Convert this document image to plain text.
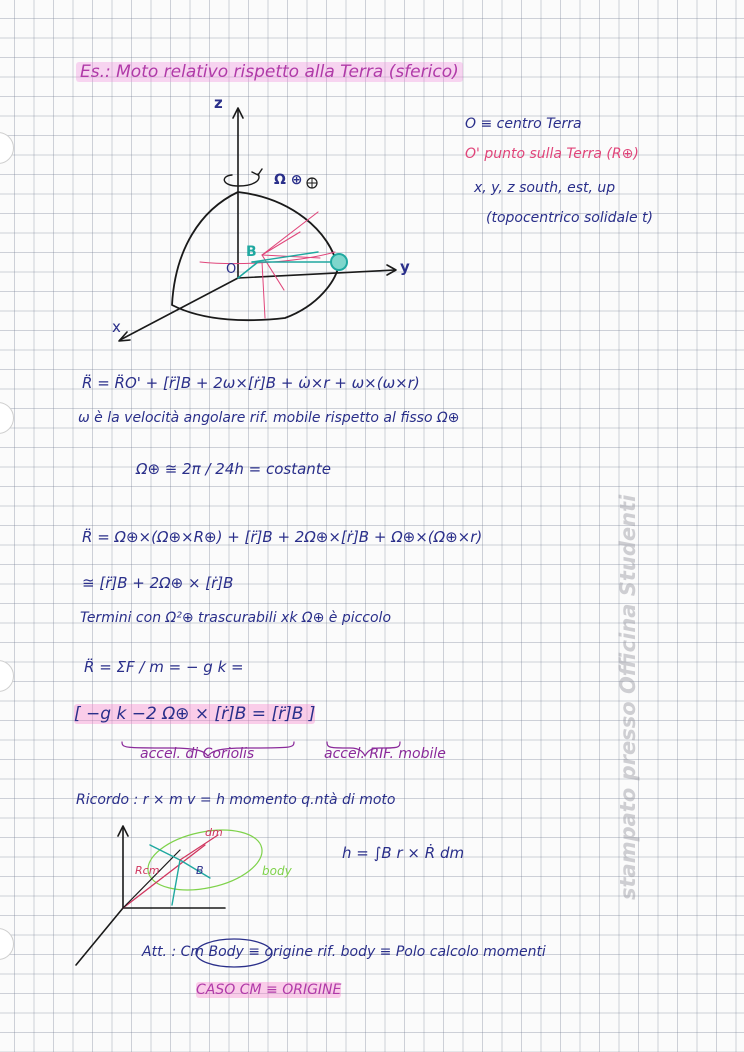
Es.: Moto relativo rispetto alla Terra (sferico)
z
y
x
O
B
Ω ⊕
O ≡ centro Terra
O' punto sulla Terra (R⊕)
x, y, z south, est, up
(topocentrico solidale t)
R̈ = R̈O' + [r̈]B + 2ω×[ṙ]B + ω̇×r + ω×(ω×r)
ω è la velocità angolare rif. mobile rispetto al fisso Ω⊕
Ω⊕ ≅ 2π / 24h = costante
R̈ = Ω⊕×(Ω⊕×R⊕) + [r̈]B + 2Ω⊕×[ṙ]B + Ω⊕×(Ω⊕×r)
≅ [r̈]B + 2Ω⊕ × [ṙ]B
Termini con Ω²⊕ trascurabili xk Ω⊕ è piccolo
R̈ = ΣF / m = − g k =
[ −g k −2 Ω⊕ × [ṙ]B = [r̈]B ]
accel. di Coriolis	accel. RIF. mobile
Ricordo : r × m v = h momento q.ntà di moto
h = ∫B r × Ṙ dm
Rcm
dm
body
B
Att. : Cm Body ≡ origine rif. body ≡ Polo calcolo momenti
CASO CM ≡ ORIGINE
stampato presso Officina Studenti
